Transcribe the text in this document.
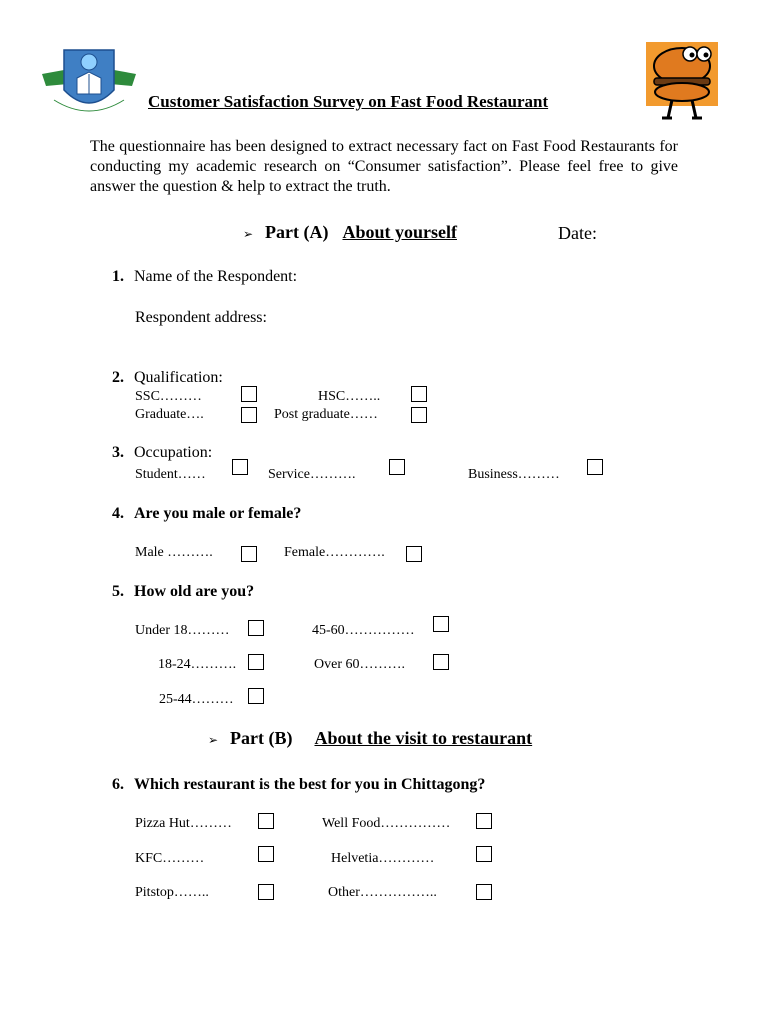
Customer Satisfaction Survey on Fast Food Restaurant
The questionnaire has been designed to extract necessary fact on Fast Food Restaurants for conducting my academic research on “Consumer satisfaction”. Please feel free to give answer the question & help to extract the truth.
➢ Part (A) About yourself	Date:
1. Name of the Respondent:
Respondent address:
2. Qualification:
SSC………	HSC……..
Graduate….	Post graduate……
3. Occupation:
Student……	Service……….	Business………
4. Are you male or female?
Male ……….	Female………….
5. How old are you?
Under 18………	45-60……………
18-24……….	Over 60……….
25-44………
➢ Part (B) About the visit to restaurant
6. Which restaurant is the best for you in Chittagong?
Pizza Hut………	Well Food……………
KFC………	Helvetia…………
Pitstop……..	Other……………..
